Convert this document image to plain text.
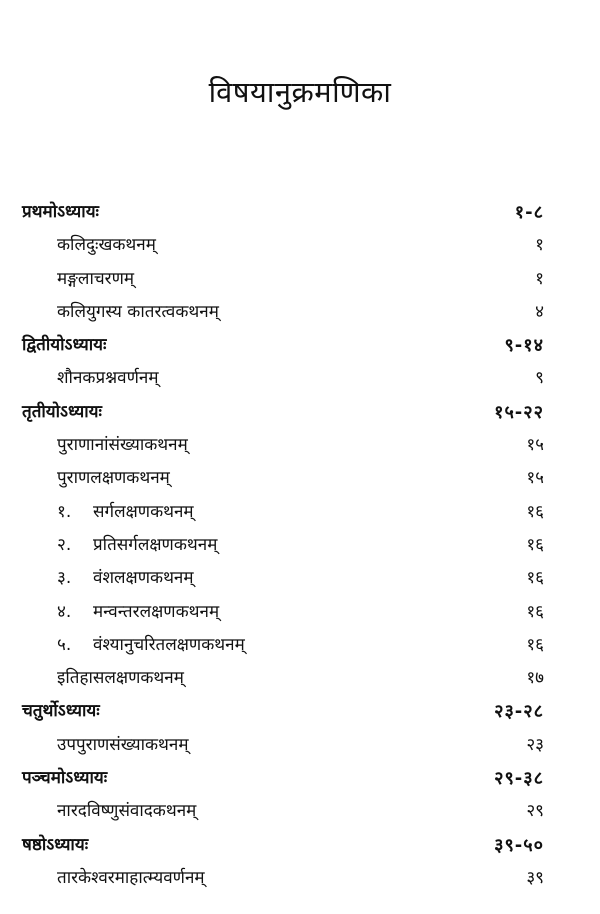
विषयानुक्रमणिका
प्रथमोऽध्यायः	१-८
कलिदुःखकथनम्	१
मङ्गलाचरणम्	१
कलियुगस्य कातरत्वकथनम्	४
द्वितीयोऽध्यायः	९-१४
शौनकप्रश्नवर्णनम्	९
तृतीयोऽध्यायः	१५-२२
पुराणानांसंख्याकथनम्	१५
पुराणलक्षणकथनम्	१५
१. सर्गलक्षणकथनम्	१६
२. प्रतिसर्गलक्षणकथनम्	१६
३. वंशलक्षणकथनम्	१६
४. मन्वन्तरलक्षणकथनम्	१६
५. वंश्यानुचरितलक्षणकथनम्	१६
इतिहासलक्षणकथनम्	१७
चतुर्थोऽध्यायः	२३-२८
उपपुराणसंख्याकथनम्	२३
पञ्चमोऽध्यायः	२९-३८
नारदविष्णुसंवादकथनम्	२९
षष्ठोऽध्यायः	३९-५०
तारकेश्वरमाहात्म्यवर्णनम्	३९
